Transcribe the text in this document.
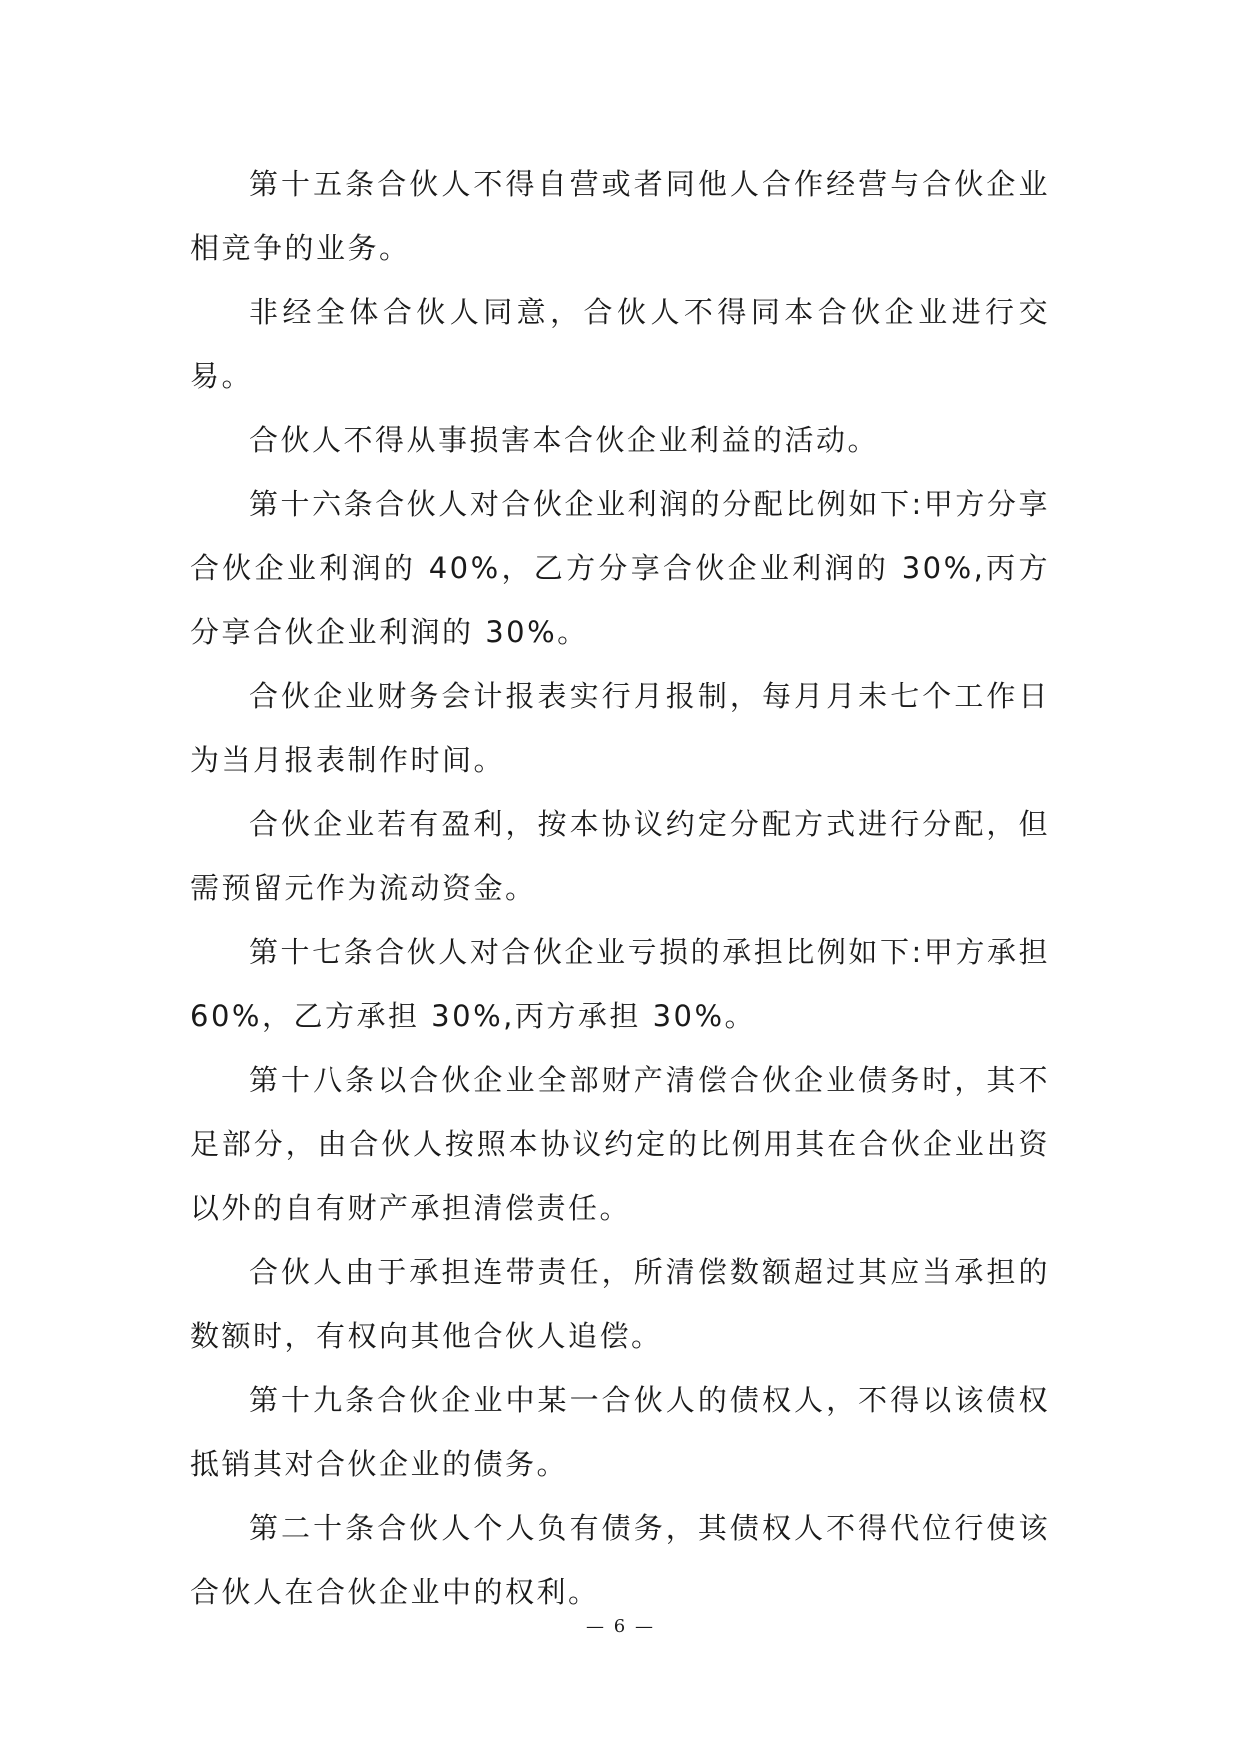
第十五条合伙人不得自营或者同他人合作经营与合伙企业相竞争的业务。

非经全体合伙人同意，合伙人不得同本合伙企业进行交易。

合伙人不得从事损害本合伙企业利益的活动。

第十六条合伙人对合伙企业利润的分配比例如下:甲方分享合伙企业利润的 40%，乙方分享合伙企业利润的 30%,丙方分享合伙企业利润的 30%。

合伙企业财务会计报表实行月报制，每月月未七个工作日为当月报表制作时间。

合伙企业若有盈利，按本协议约定分配方式进行分配，但需预留元作为流动资金。

第十七条合伙人对合伙企业亏损的承担比例如下:甲方承担 60%，乙方承担 30%,丙方承担 30%。

第十八条以合伙企业全部财产清偿合伙企业债务时，其不足部分，由合伙人按照本协议约定的比例用其在合伙企业出资以外的自有财产承担清偿责任。

合伙人由于承担连带责任，所清偿数额超过其应当承担的数额时，有权向其他合伙人追偿。

第十九条合伙企业中某一合伙人的债权人，不得以该债权抵销其对合伙企业的债务。

第二十条合伙人个人负有债务，其债权人不得代位行使该合伙人在合伙企业中的权利。

— 6 —
